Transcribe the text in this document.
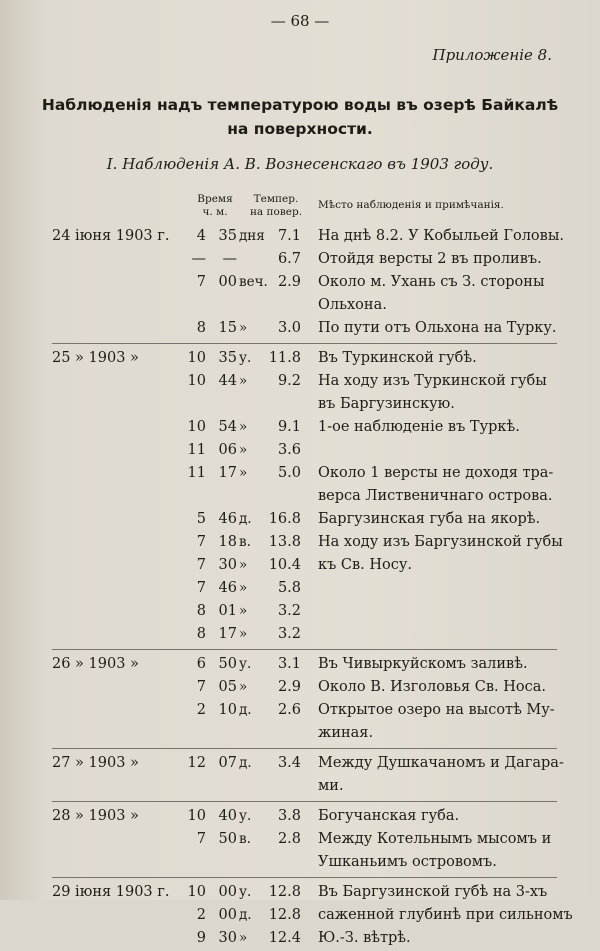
— 68 —
Приложеніе 8.
Наблюденія надъ температурою воды въ озерѣ Байкалѣ
на поверхности.
I. Наблюденія А. В. Вознесенскаго въ 1903 году.
Время
ч. м.
Темпер.
на повер.
Мѣсто наблюденія и примѣчанія.
24 іюня 1903 г.	4 35 дня 7.1 На днѣ 8.2. У Кобыльей Головы.
—	—	6.7 Отойдя версты 2 въ проливъ.
7 00 веч. 2.9 Около м. Ухань съ З. стороны
Ольхона.
8 15 »	3.0 По пути отъ Ольхона на Турку.
25 » 1903 »	10 35 у.	11.8 Въ Туркинской губѣ.
10 44 »	9.2 На ходу изъ Туркинской губы
въ Баргузинскую.
10 54 »	9.1 1-ое наблюденіе въ Туркѣ.
11 06 »	3.6
11 17 »	5.0 Около 1 версты не доходя тра-
верса Лиственичнаго острова.
5 46 д.	16.8 Баргузинская губа на якорѣ.
7 18 в.	13.8 На ходу изъ Баргузинской губы
7 30 »	10.4 къ Св. Носу.
7 46 »	5.8
8 01 »	3.2
8 17 »	3.2
26 » 1903 »	6 50 у.	3.1 Въ Чивыркуйскомъ заливѣ.
7 05 »	2.9 Около В. Изголовья Св. Носа.
2 10 д.	2.6 Открытое озеро на высотѣ Му-
жиная.
27 » 1903 »	12 07 д.	3.4 Между Душкачаномъ и Дагара-
ми.
28 » 1903 »	10 40 у.	3.8 Богучанская губа.
7 50 в.	2.8 Между Котельнымъ мысомъ и
Ушканьимъ островомъ.
29 іюня 1903 г.	10 00 у.	12.8 Въ Баргузинской губѣ на 3-хъ
2 00 д.	12.8 саженной глубинѣ при сильномъ
9 30 »	12.4 Ю.-З. вѣтрѣ.
